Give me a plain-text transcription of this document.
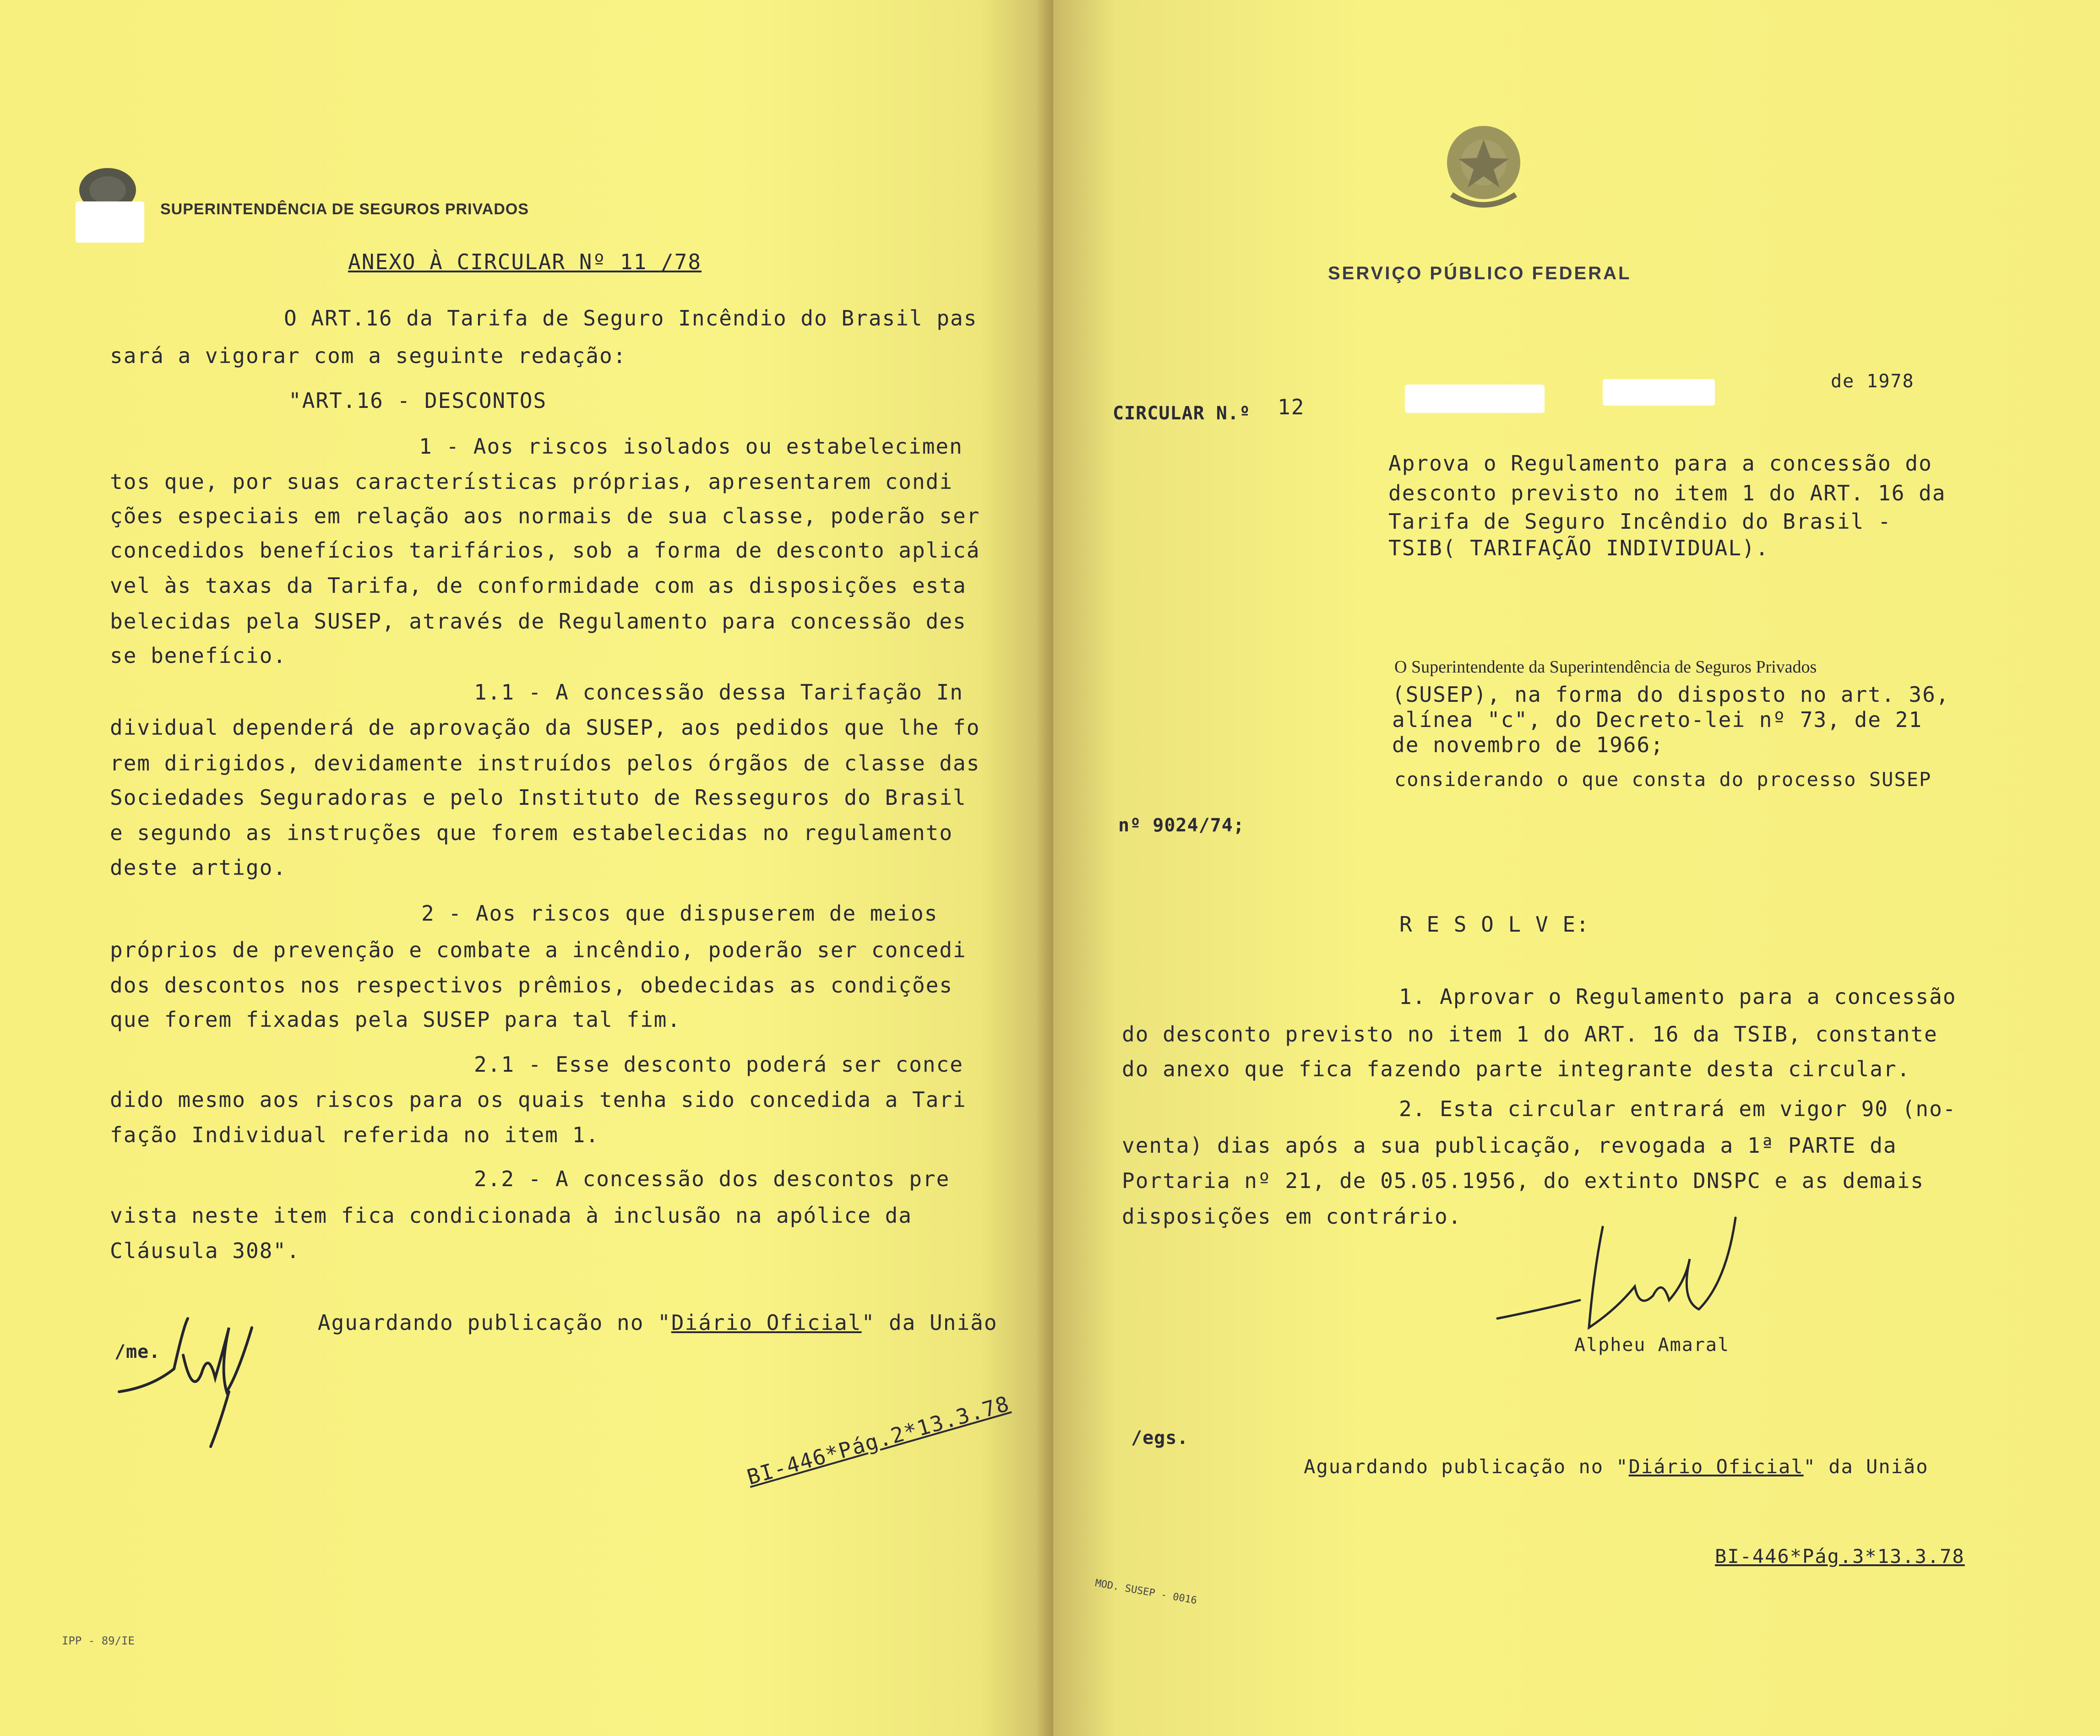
SUPERINTENDÊNCIA DE SEGUROS PRIVADOS
ANEXO À CIRCULAR Nº 11 /78
O ART.16 da Tarifa de Seguro Incêndio do Brasil pas
sará a vigorar com a seguinte redação:
"ART.16 - DESCONTOS
1 - Aos riscos isolados ou estabelecimen
tos que, por suas características próprias, apresentarem condi
ções especiais em relação aos normais de sua classe, poderão ser
concedidos benefícios tarifários, sob a forma de desconto aplicá
vel às taxas da Tarifa, de conformidade com as disposições esta
belecidas pela SUSEP, através de Regulamento para concessão des
se benefício.
1.1 - A concessão dessa Tarifação In
dividual dependerá de aprovação da SUSEP, aos pedidos que lhe fo
rem dirigidos, devidamente instruídos pelos órgãos de classe das
Sociedades Seguradoras e pelo Instituto de Resseguros do Brasil
e segundo as instruções que forem estabelecidas no regulamento
deste artigo.
2 - Aos riscos que dispuserem de meios
próprios de prevenção e combate a incêndio, poderão ser concedi
dos descontos nos respectivos prêmios, obedecidas as condições
que forem fixadas pela SUSEP para tal fim.
2.1 - Esse desconto poderá ser conce
dido mesmo aos riscos para os quais tenha sido concedida a Tari
fação Individual referida no item 1.
2.2 - A concessão dos descontos pre
vista neste item fica condicionada à inclusão na apólice da
Cláusula 308".

Aguardando publicação no "Diário Oficial" da União

/me.
BI-446*Pág.2*13.3.78
IPP - 89/IE
SERVIÇO PÚBLICO FEDERAL
CIRCULAR N.º 12
de 1978
Aprova o Regulamento para a concessão do
desconto previsto no item 1 do ART. 16 da
Tarifa de Seguro Incêndio do Brasil -
TSIB( TARIFAÇÃO INDIVIDUAL).
O Superintendente da Superintendência de Seguros Privados
(SUSEP), na forma do disposto no art. 36,
alínea "c", do Decreto-lei nº 73, de 21
de novembro de 1966;
considerando o que consta do processo SUSEP
nº 9024/74;
R E S O L V E:
1. Aprovar o Regulamento para a concessão
do desconto previsto no item 1 do ART. 16 da TSIB, constante
do anexo que fica fazendo parte integrante desta circular.
2. Esta circular entrará em vigor 90 (no-
venta) dias após a sua publicação, revogada a 1ª PARTE da
Portaria nº 21, de 05.05.1956, do extinto DNSPC e as demais
disposições em contrário.
Alpheu Amaral
/egs.

Aguardando publicação no "Diário Oficial" da União

BI-446*Pág.3*13.3.78
MOD. SUSEP - 0016
